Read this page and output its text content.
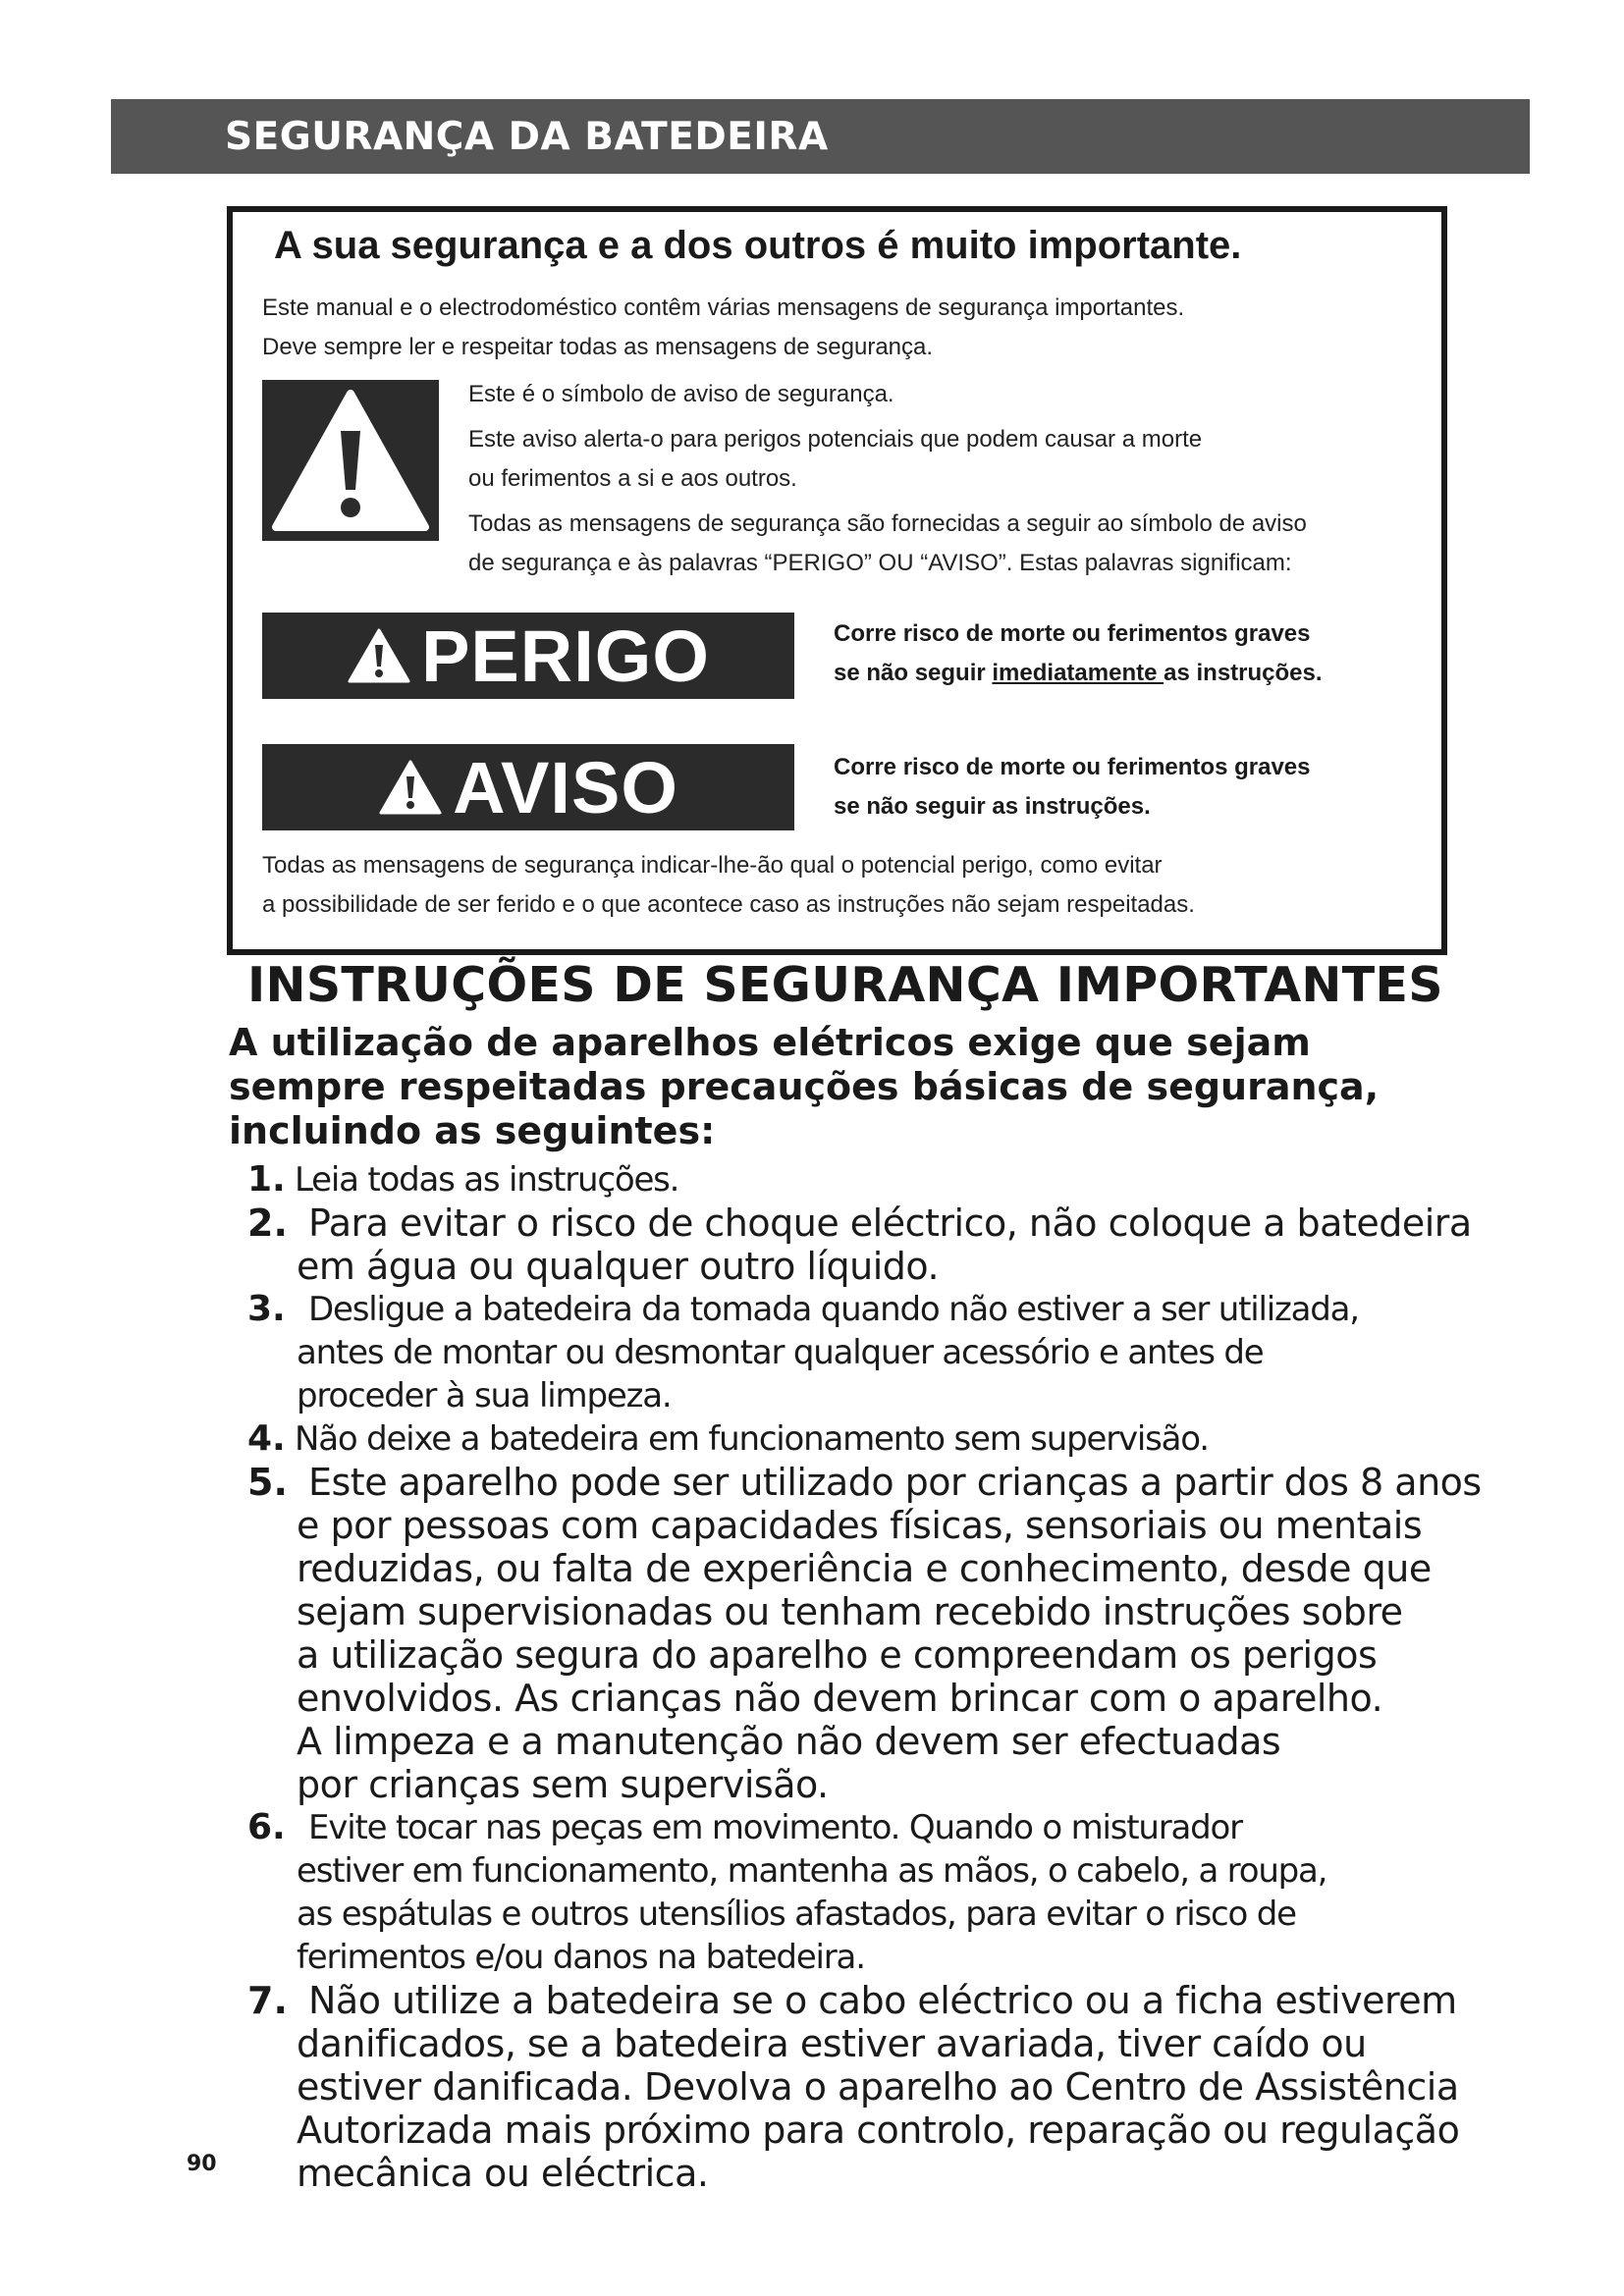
SEGURANÇA DA BATEDEIRA
A sua segurança e a dos outros é muito importante.
Este manual e o electrodoméstico contêm várias mensagens de segurança importantes.
Deve sempre ler e respeitar todas as mensagens de segurança.
Este é o símbolo de aviso de segurança.
Este aviso alerta-o para perigos potenciais que podem causar a morte
ou ferimentos a si e aos outros.
Todas as mensagens de segurança são fornecidas a seguir ao símbolo de aviso
de segurança e às palavras “PERIGO” OU “AVISO”. Estas palavras significam:
PERIGO	Corre risco de morte ou ferimentos graves
se não seguir imediatamente as instruções.
AVISO	Corre risco de morte ou ferimentos graves
se não seguir as instruções.
Todas as mensagens de segurança indicar-lhe-ão qual o potencial perigo, como evitar
a possibilidade de ser ferido e o que acontece caso as instruções não sejam respeitadas.
INSTRUÇÕES DE SEGURANÇA IMPORTANTES
A utilização de aparelhos elétricos exige que sejam
sempre respeitadas precauções básicas de segurança,
incluindo as seguintes:
1. Leia todas as instruções.
2. Para evitar o risco de choque eléctrico, não coloque a batedeira
em água ou qualquer outro líquido.
3. Desligue a batedeira da tomada quando não estiver a ser utilizada,
antes de montar ou desmontar qualquer acessório e antes de
proceder à sua limpeza.
4. Não deixe a batedeira em funcionamento sem supervisão.
5. Este aparelho pode ser utilizado por crianças a partir dos 8 anos
e por pessoas com capacidades físicas, sensoriais ou mentais
reduzidas, ou falta de experiência e conhecimento, desde que
sejam supervisionadas ou tenham recebido instruções sobre
a utilização segura do aparelho e compreendam os perigos
envolvidos. As crianças não devem brincar com o aparelho.
A limpeza e a manutenção não devem ser efectuadas
por crianças sem supervisão.
6. Evite tocar nas peças em movimento. Quando o misturador
estiver em funcionamento, mantenha as mãos, o cabelo, a roupa,
as espátulas e outros utensílios afastados, para evitar o risco de
ferimentos e/ou danos na batedeira.
7. Não utilize a batedeira se o cabo eléctrico ou a ficha estiverem
danificados, se a batedeira estiver avariada, tiver caído ou
estiver danificada. Devolva o aparelho ao Centro de Assistência
Autorizada mais próximo para controlo, reparação ou regulação
mecânica ou eléctrica.
90
